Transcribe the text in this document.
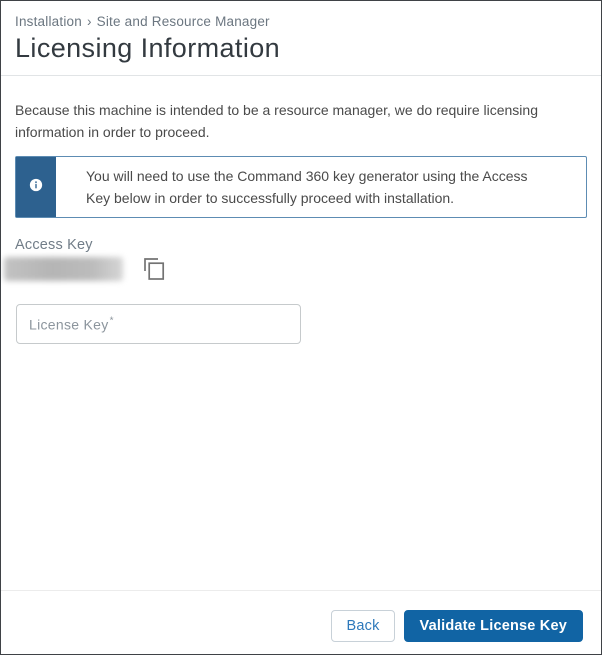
Installation › Site and Resource Manager
Licensing Information

Because this machine is intended to be a resource manager, we do require licensing information in order to proceed.

You will need to use the Command 360 key generator using the Access Key below in order to successfully proceed with installation.
Access Key
License Key*
Back	Validate License Key
